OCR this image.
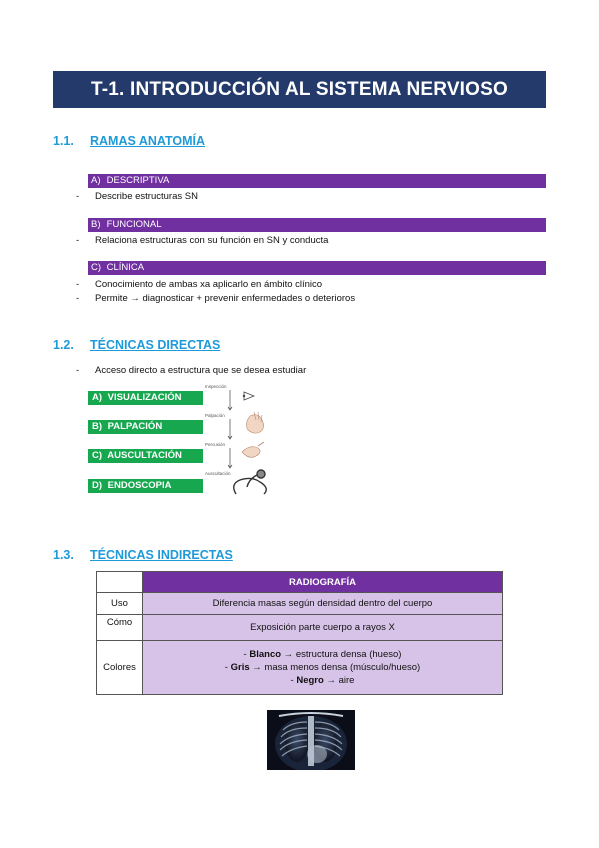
T-1. INTRODUCCIÓN AL SISTEMA NERVIOSO
1.1. RAMAS ANATOMÍA
A) DESCRIPTIVA
- Describe estructuras SN
B) FUNCIONAL
- Relaciona estructuras con su función en SN y conducta
C) CLÍNICA
- Conocimiento de ambas xa aplicarlo en ámbito clínico
- Permite → diagnosticar + prevenir enfermedades o deterioros
1.2. TÉCNICAS DIRECTAS
- Acceso directo a estructura que se desea estudiar
A) VISUALIZACIÓN
B) PALPACIÓN
C) AUSCULTACIÓN
D) ENDOSCOPIA
Inspección
Palpación
Percusión
Auscultación
1.3. TÉCNICAS INDIRECTAS
	RADIOGRAFÍA
Uso	Diferencia masas según densidad dentro del cuerpo
Cómo	Exposición parte cuerpo a rayos X
Colores	- Blanco → estructura densa (hueso)
- Gris → masa menos densa (músculo/hueso)
- Negro → aire
